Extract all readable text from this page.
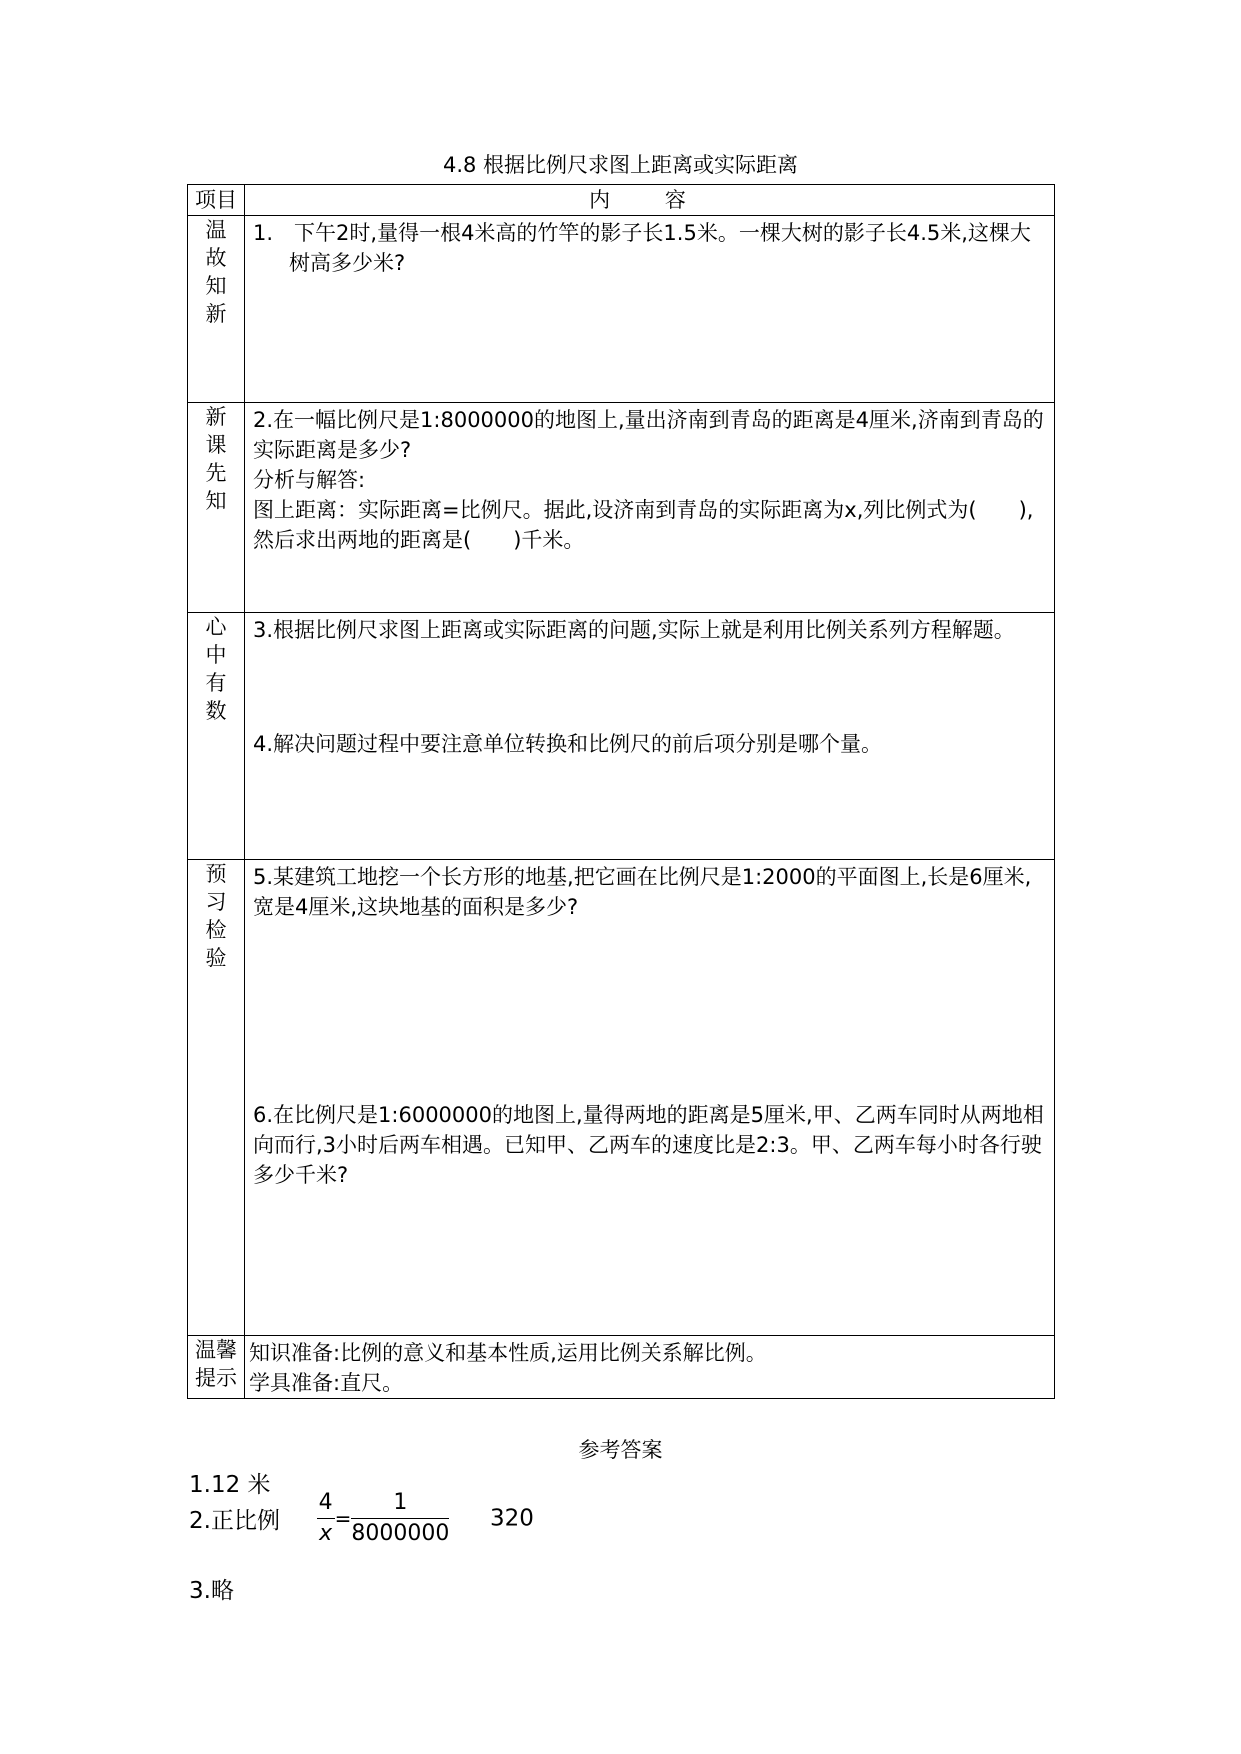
4.8 根据比例尺求图上距离或实际距离
项目	内 容
温故知新	1.　下午2时,量得一根4米高的竹竿的影子长1.5米。一棵大树的影子长4.5米,这棵大树高多少米?

新课先知	2.在一幅比例尺是1:8000000的地图上,量出济南到青岛的距离是4厘米,济南到青岛的实际距离是多少?

分析与解答:

图上距离：实际距离=比例尺。据此,设济南到青岛的实际距离为x,列比例式为(　　),然后求出两地的距离是(　　)千米。

心中有数	3.根据比例尺求图上距离或实际距离的问题,实际上就是利用比例关系列方程解题。

4.解决问题过程中要注意单位转换和比例尺的前后项分别是哪个量。

预习检验	5.某建筑工地挖一个长方形的地基,把它画在比例尺是1:2000的平面图上,长是6厘米,宽是4厘米,这块地基的面积是多少?

6.在比例尺是1:6000000的地图上,量得两地的距离是5厘米,甲、乙两车同时从两地相向而行,3小时后两车相遇。已知甲、乙两车的速度比是2:3。甲、乙两车每小时各行驶多少千米?

温馨提示	知识准备:比例的意义和基本性质,运用比例关系解比例。

学具准备:直尺。

参考答案
1.12 米
2.正比例 $\frac{4}{x} = \frac{1}{8000000} 320$
3.略
